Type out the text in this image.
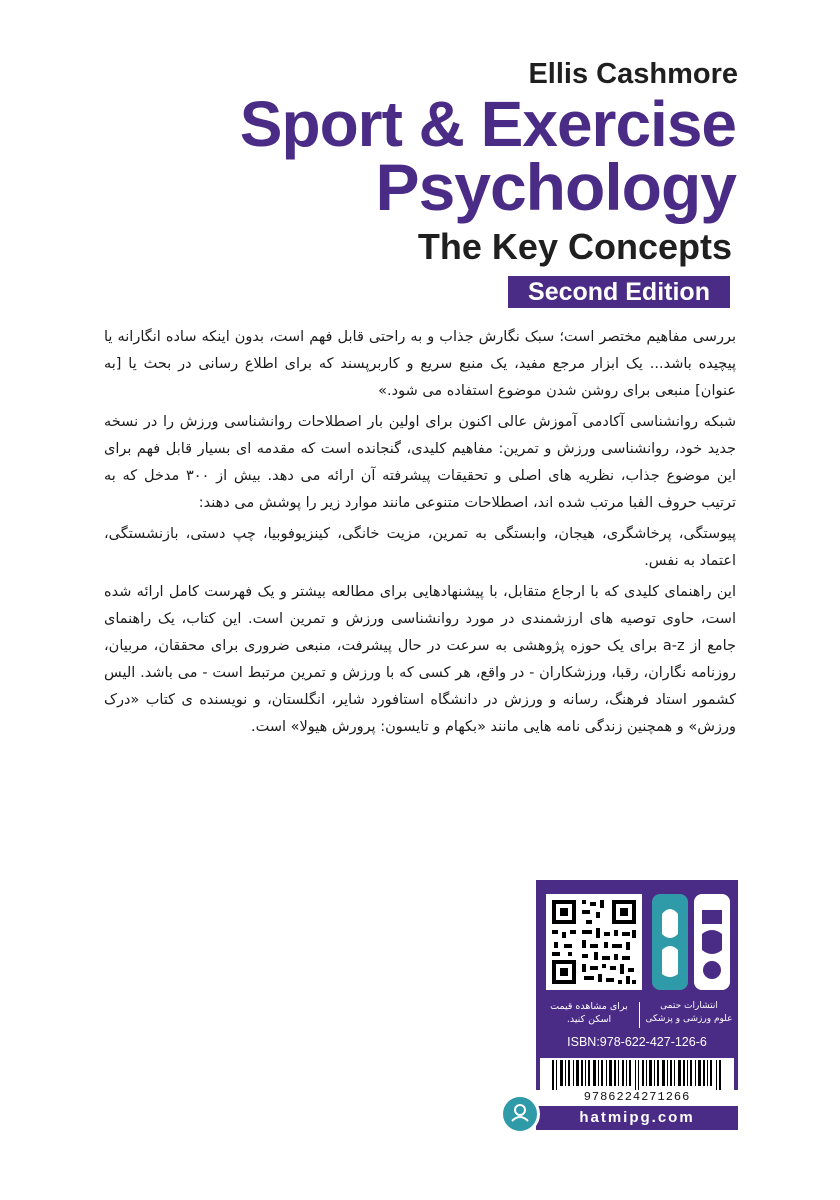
Ellis Cashmore
Sport & Exercise
Psychology
The Key Concepts
Second Edition

بررسی مفاهیم مختصر است؛ سبک نگارش جذاب و به راحتی قابل فهم است، بدون اینکه ساده انگارانه یا پیچیده باشد... یک ابزار مرجع مفید، یک منبع سریع و کاربرپسند که برای اطلاع رسانی در بحث یا [به عنوان] منبعی برای روشن شدن موضوع استفاده می شود.»

شبکه روانشناسی آکادمی آموزش عالی اکنون برای اولین بار اصطلاحات روانشناسی ورزش را در نسخه جدید خود، روانشناسی ورزش و تمرین: مفاهیم کلیدی، گنجانده است که مقدمه ای بسیار قابل فهم برای این موضوع جذاب، نظریه های اصلی و تحقیقات پیشرفته آن ارائه می دهد. بیش از ۳۰۰ مدخل که به ترتیب حروف الفبا مرتب شده اند، اصطلاحات متنوعی مانند موارد زیر را پوشش می دهند:

پیوستگی، پرخاشگری، هیجان، وابستگی به تمرین، مزیت خانگی، کینزیوفوبیا، چپ دستی، بازنشستگی، اعتماد به نفس.

این راهنمای کلیدی که با ارجاع متقابل، با پیشنهادهایی برای مطالعه بیشتر و یک فهرست کامل ارائه شده است، حاوی توصیه های ارزشمندی در مورد روانشناسی ورزش و تمرین است. این کتاب، یک راهنمای جامع از a-z برای یک حوزه پژوهشی به سرعت در حال پیشرفت، منبعی ضروری برای محققان، مربیان، روزنامه نگاران، رقبا، ورزشکاران - در واقع، هر کسی که با ورزش و تمرین مرتبط است - می باشد. الیس کشمور استاد فرهنگ، رسانه و ورزش در دانشگاه استافورد شایر، انگلستان، و نویسنده ی کتاب «درک ورزش» و همچنین زندگی نامه هایی مانند «بکهام و تایسون: پرورش هیولا» است.

انتشارات حتمی
علوم ورزشی و پزشکی
برای مشاهده قیمت اسکن کنید.
ISBN:978-622-427-126-6
9786224271266
hatmipg.com
